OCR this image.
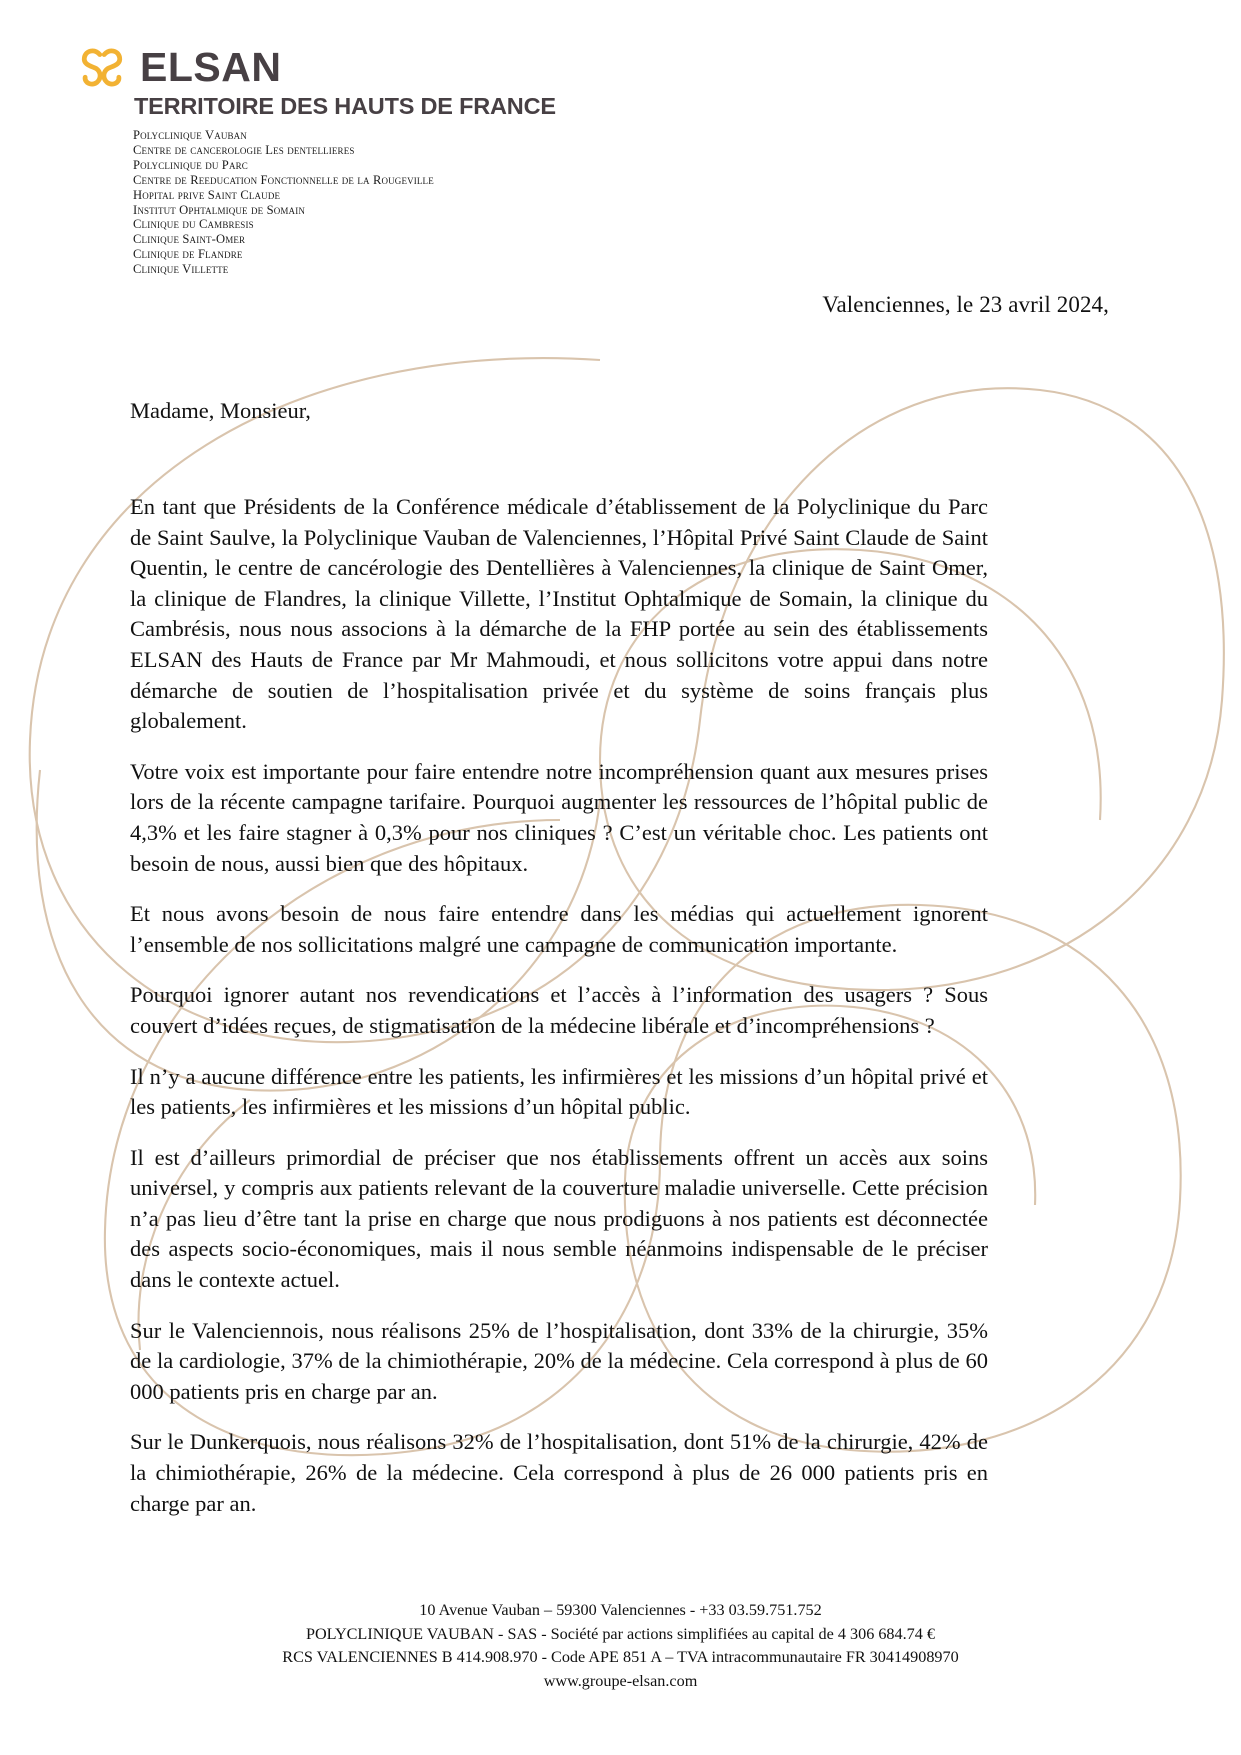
ELSAN
TERRITOIRE DES HAUTS DE FRANCE
Polyclinique Vauban
Centre de cancerologie Les dentellieres
Polyclinique du Parc
Centre de Reeducation Fonctionnelle de la Rougeville
Hopital prive Saint Claude
Institut Ophtalmique de Somain
Clinique du Cambresis
Clinique Saint-Omer
Clinique de Flandre
Clinique Villette
Valenciennes, le 23 avril 2024,
Madame, Monsieur,

En tant que Présidents de la Conférence médicale d’établissement de la Polyclinique du Parc de Saint Saulve, la Polyclinique Vauban de Valenciennes, l’Hôpital Privé Saint Claude de Saint Quentin, le centre de cancérologie des Dentellières à Valenciennes, la clinique de Saint Omer, la clinique de Flandres, la clinique Villette, l’Institut Ophtalmique de Somain, la clinique du Cambrésis, nous nous associons à la démarche de la FHP portée au sein des établissements ELSAN des Hauts de France par Mr Mahmoudi, et nous sollicitons votre appui dans notre démarche de soutien de l’hospitalisation privée et du système de soins français plus globalement.

Votre voix est importante pour faire entendre notre incompréhension quant aux mesures prises lors de la récente campagne tarifaire. Pourquoi augmenter les ressources de l’hôpital public de 4,3% et les faire stagner à 0,3% pour nos cliniques ? C’est un véritable choc. Les patients ont besoin de nous, aussi bien que des hôpitaux.

Et nous avons besoin de nous faire entendre dans les médias qui actuellement ignorent l’ensemble de nos sollicitations malgré une campagne de communication importante.

Pourquoi ignorer autant nos revendications et l’accès à l’information des usagers ? Sous couvert d’idées reçues, de stigmatisation de la médecine libérale et d’incompréhensions ?

Il n’y a aucune différence entre les patients, les infirmières et les missions d’un hôpital privé et les patients, les infirmières et les missions d’un hôpital public.

Il est d’ailleurs primordial de préciser que nos établissements offrent un accès aux soins universel, y compris aux patients relevant de la couverture maladie universelle. Cette précision n’a pas lieu d’être tant la prise en charge que nous prodiguons à nos patients est déconnectée des aspects socio-économiques, mais il nous semble néanmoins indispensable de le préciser dans le contexte actuel.

Sur le Valenciennois, nous réalisons 25% de l’hospitalisation, dont 33% de la chirurgie, 35% de la cardiologie, 37% de la chimiothérapie, 20% de la médecine. Cela correspond à plus de 60 000 patients pris en charge par an.

Sur le Dunkerquois, nous réalisons 32% de l’hospitalisation, dont 51% de la chirurgie, 42% de la chimiothérapie, 26% de la médecine. Cela correspond à plus de 26 000 patients pris en charge par an.

10 Avenue Vauban – 59300 Valenciennes - +33 03.59.751.752
POLYCLINIQUE VAUBAN - SAS - Société par actions simplifiées au capital de 4 306 684.74 €
RCS VALENCIENNES B 414.908.970 - Code APE 851 A – TVA intracommunautaire FR 30414908970
www.groupe-elsan.com
